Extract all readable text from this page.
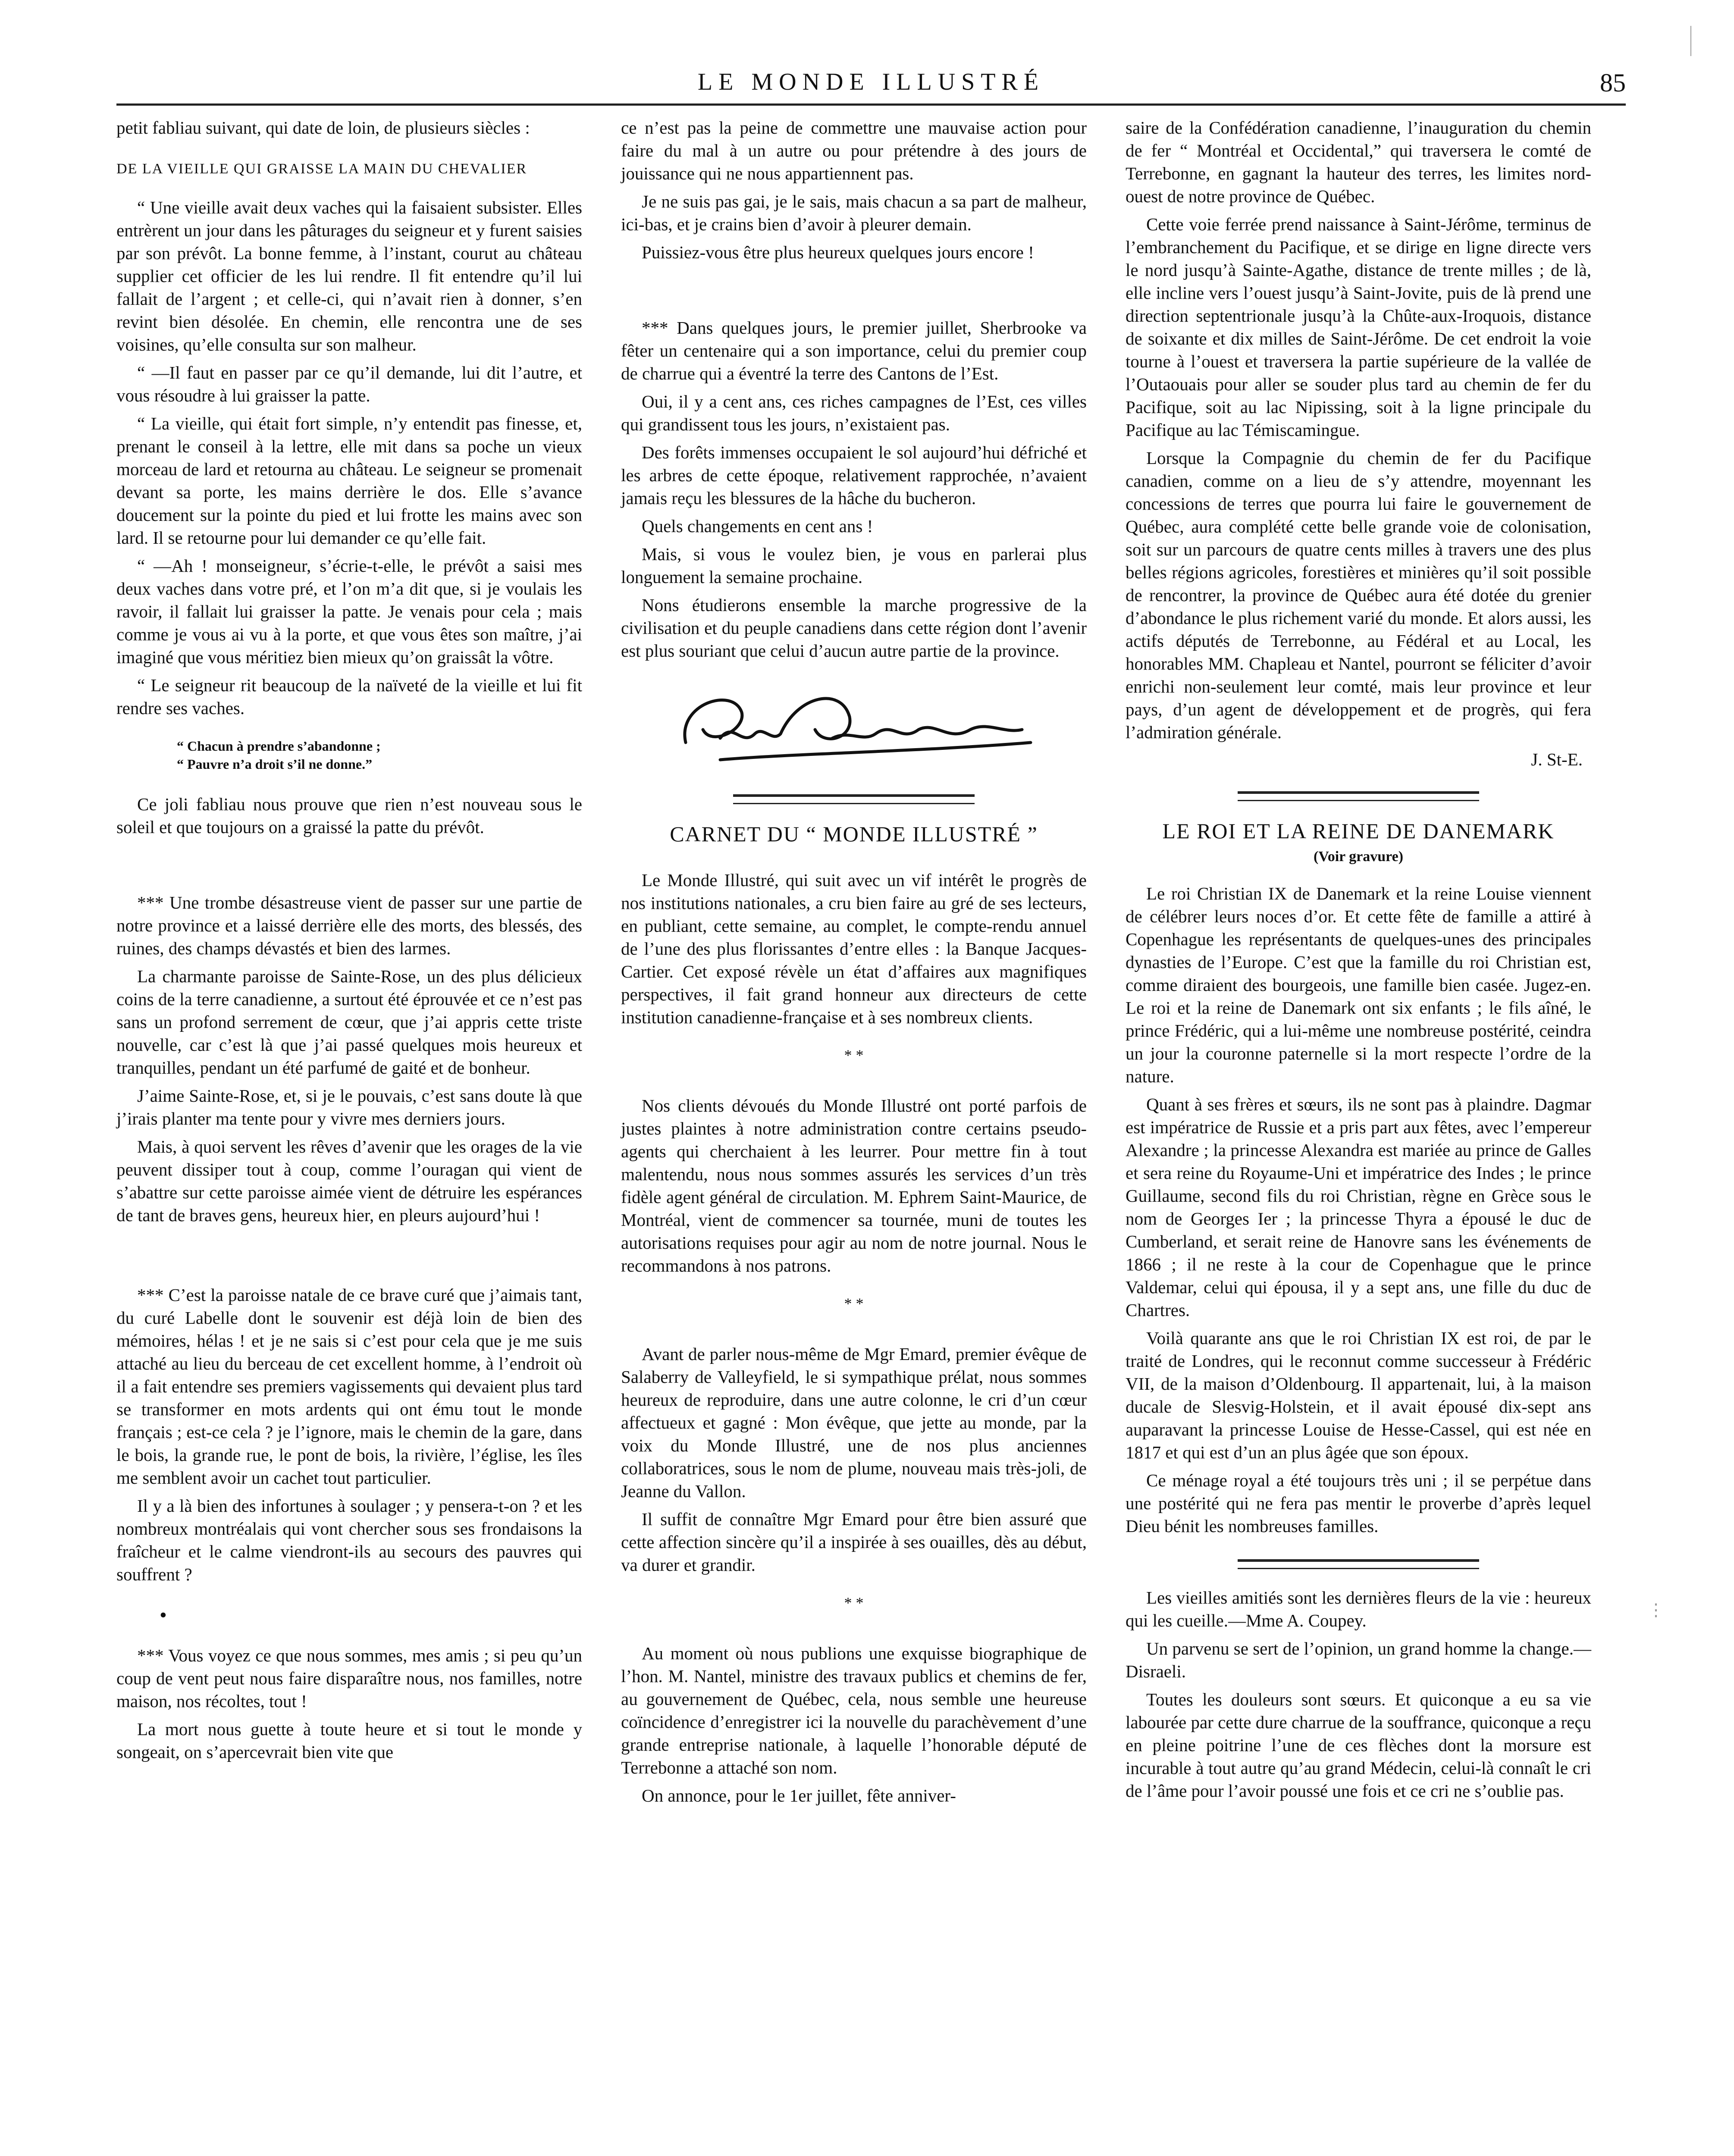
LE MONDE ILLUSTRÉ	85

petit fabliau suivant, qui date de loin, de plusieurs siècles :

DE LA VIEILLE QUI GRAISSE LA MAIN DU CHEVALIER

“ Une vieille avait deux vaches qui la faisaient subsister. Elles entrèrent un jour dans les pâturages du seigneur et y furent saisies par son prévôt. La bonne femme, à l’instant, courut au château supplier cet officier de les lui rendre. Il fit entendre qu’il lui fallait de l’argent ; et celle-ci, qui n’avait rien à donner, s’en revint bien désolée. En chemin, elle rencontra une de ses voisines, qu’elle consulta sur son malheur.

“ —Il faut en passer par ce qu’il demande, lui dit l’autre, et vous résoudre à lui graisser la patte.

“ La vieille, qui était fort simple, n’y entendit pas finesse, et, prenant le conseil à la lettre, elle mit dans sa poche un vieux morceau de lard et retourna au château. Le seigneur se promenait devant sa porte, les mains derrière le dos. Elle s’avance doucement sur la pointe du pied et lui frotte les mains avec son lard. Il se retourne pour lui demander ce qu’elle fait.

“ —Ah ! monseigneur, s’écrie-t-elle, le prévôt a saisi mes deux vaches dans votre pré, et l’on m’a dit que, si je voulais les ravoir, il fallait lui graisser la patte. Je venais pour cela ; mais comme je vous ai vu à la porte, et que vous êtes son maître, j’ai imaginé que vous méritiez bien mieux qu’on graissât la vôtre.

“ Le seigneur rit beaucoup de la naïveté de la vieille et lui fit rendre ses vaches.

“ Chacun à prendre s’abandonne ;
“ Pauvre n’a droit s’il ne donne.”

Ce joli fabliau nous prouve que rien n’est nouveau sous le soleil et que toujours on a graissé la patte du prévôt.

*** Une trombe désastreuse vient de passer sur une partie de notre province et a laissé derrière elle des morts, des blessés, des ruines, des champs dévastés et bien des larmes.

La charmante paroisse de Sainte-Rose, un des plus délicieux coins de la terre canadienne, a surtout été éprouvée et ce n’est pas sans un profond serrement de cœur, que j’ai appris cette triste nouvelle, car c’est là que j’ai passé quelques mois heureux et tranquilles, pendant un été parfumé de gaité et de bonheur.

J’aime Sainte-Rose, et, si je le pouvais, c’est sans doute là que j’irais planter ma tente pour y vivre mes derniers jours.

Mais, à quoi servent les rêves d’avenir que les orages de la vie peuvent dissiper tout à coup, comme l’ouragan qui vient de s’abattre sur cette paroisse aimée vient de détruire les espérances de tant de braves gens, heureux hier, en pleurs aujourd’hui !

*** C’est la paroisse natale de ce brave curé que j’aimais tant, du curé Labelle dont le souvenir est déjà loin de bien des mémoires, hélas ! et je ne sais si c’est pour cela que je me suis attaché au lieu du berceau de cet excellent homme, à l’endroit où il a fait entendre ses premiers vagissements qui devaient plus tard se transformer en mots ardents qui ont ému tout le monde français ; est-ce cela ? je l’ignore, mais le chemin de la gare, dans le bois, la grande rue, le pont de bois, la rivière, l’église, les îles me semblent avoir un cachet tout particulier.

Il y a là bien des infortunes à soulager ; y pensera-t-on ? et les nombreux montréalais qui vont chercher sous ses frondaisons la fraîcheur et le calme viendront-ils au secours des pauvres qui souffrent ?

•

*** Vous voyez ce que nous sommes, mes amis ; si peu qu’un coup de vent peut nous faire disparaître nous, nos familles, notre maison, nos récoltes, tout !

La mort nous guette à toute heure et si tout le monde y songeait, on s’apercevrait bien vite que

ce n’est pas la peine de commettre une mauvaise action pour faire du mal à un autre ou pour prétendre à des jours de jouissance qui ne nous appartiennent pas.

Je ne suis pas gai, je le sais, mais chacun a sa part de malheur, ici-bas, et je crains bien d’avoir à pleurer demain.

Puissiez-vous être plus heureux quelques jours encore !

*** Dans quelques jours, le premier juillet, Sherbrooke va fêter un centenaire qui a son importance, celui du premier coup de charrue qui a éventré la terre des Cantons de l’Est.

Oui, il y a cent ans, ces riches campagnes de l’Est, ces villes qui grandissent tous les jours, n’existaient pas.

Des forêts immenses occupaient le sol aujourd’hui défriché et les arbres de cette époque, relativement rapprochée, n’avaient jamais reçu les blessures de la hâche du bucheron.

Quels changements en cent ans !

Mais, si vous le voulez bien, je vous en parlerai plus longuement la semaine prochaine.

Nons étudierons ensemble la marche progressive de la civilisation et du peuple canadiens dans cette région dont l’avenir est plus souriant que celui d’aucun autre partie de la province.

CARNET DU “ MONDE ILLUSTRÉ ”

Le Monde Illustré, qui suit avec un vif intérêt le progrès de nos institutions nationales, a cru bien faire au gré de ses lecteurs, en publiant, cette semaine, au complet, le compte-rendu annuel de l’une des plus florissantes d’entre elles : la Banque Jacques-Cartier. Cet exposé révèle un état d’affaires aux magnifiques perspectives, il fait grand honneur aux directeurs de cette institution canadienne-française et à ses nombreux clients.

* *

Nos clients dévoués du Monde Illustré ont porté parfois de justes plaintes à notre administration contre certains pseudo-agents qui cherchaient à les leurrer. Pour mettre fin à tout malentendu, nous nous sommes assurés les services d’un très fidèle agent général de circulation. M. Ephrem Saint-Maurice, de Montréal, vient de commencer sa tournée, muni de toutes les autorisations requises pour agir au nom de notre journal. Nous le recommandons à nos patrons.

* *

Avant de parler nous-même de Mgr Emard, premier évêque de Salaberry de Valleyfield, le si sympathique prélat, nous sommes heureux de reproduire, dans une autre colonne, le cri d’un cœur affectueux et gagné : Mon évêque, que jette au monde, par la voix du Monde Illustré, une de nos plus anciennes collaboratrices, sous le nom de plume, nouveau mais très-joli, de Jeanne du Vallon.

Il suffit de connaître Mgr Emard pour être bien assuré que cette affection sincère qu’il a inspirée à ses ouailles, dès au début, va durer et grandir.

* *

Au moment où nous publions une exquisse biographique de l’hon. M. Nantel, ministre des travaux publics et chemins de fer, au gouvernement de Québec, cela, nous semble une heureuse coïncidence d’enregistrer ici la nouvelle du parachèvement d’une grande entreprise nationale, à laquelle l’honorable député de Terrebonne a attaché son nom.

On annonce, pour le 1er juillet, fête anniver-

saire de la Confédération canadienne, l’inauguration du chemin de fer “ Montréal et Occidental,” qui traversera le comté de Terrebonne, en gagnant la hauteur des terres, les limites nord-ouest de notre province de Québec.

Cette voie ferrée prend naissance à Saint-Jérôme, terminus de l’embranchement du Pacifique, et se dirige en ligne directe vers le nord jusqu’à Sainte-Agathe, distance de trente milles ; de là, elle incline vers l’ouest jusqu’à Saint-Jovite, puis de là prend une direction septentrionale jusqu’à la Chûte-aux-Iroquois, distance de soixante et dix milles de Saint-Jérôme. De cet endroit la voie tourne à l’ouest et traversera la partie supérieure de la vallée de l’Outaouais pour aller se souder plus tard au chemin de fer du Pacifique, soit au lac Nipissing, soit à la ligne principale du Pacifique au lac Témiscamingue.

Lorsque la Compagnie du chemin de fer du Pacifique canadien, comme on a lieu de s’y attendre, moyennant les concessions de terres que pourra lui faire le gouvernement de Québec, aura complété cette belle grande voie de colonisation, soit sur un parcours de quatre cents milles à travers une des plus belles régions agricoles, forestières et minières qu’il soit possible de rencontrer, la province de Québec aura été dotée du grenier d’abondance le plus richement varié du monde. Et alors aussi, les actifs députés de Terrebonne, au Fédéral et au Local, les honorables MM. Chapleau et Nantel, pourront se féliciter d’avoir enrichi non-seulement leur comté, mais leur province et leur pays, d’un agent de développement et de progrès, qui fera l’admiration générale.

J. St-E.
LE ROI ET LA REINE DE DANEMARK
(Voir gravure)

Le roi Christian IX de Danemark et la reine Louise viennent de célébrer leurs noces d’or. Et cette fête de famille a attiré à Copenhague les représentants de quelques-unes des principales dynasties de l’Europe. C’est que la famille du roi Christian est, comme diraient des bourgeois, une famille bien casée. Jugez-en. Le roi et la reine de Danemark ont six enfants ; le fils aîné, le prince Frédéric, qui a lui-même une nombreuse postérité, ceindra un jour la couronne paternelle si la mort respecte l’ordre de la nature.

Quant à ses frères et sœurs, ils ne sont pas à plaindre. Dagmar est impératrice de Russie et a pris part aux fêtes, avec l’empereur Alexandre ; la princesse Alexandra est mariée au prince de Galles et sera reine du Royaume-Uni et impératrice des Indes ; le prince Guillaume, second fils du roi Christian, règne en Grèce sous le nom de Georges Ier ; la princesse Thyra a épousé le duc de Cumberland, et serait reine de Hanovre sans les événements de 1866 ; il ne reste à la cour de Copenhague que le prince Valdemar, celui qui épousa, il y a sept ans, une fille du duc de Chartres.

Voilà quarante ans que le roi Christian IX est roi, de par le traité de Londres, qui le reconnut comme successeur à Frédéric VII, de la maison d’Oldenbourg. Il appartenait, lui, à la maison ducale de Slesvig-Holstein, et il avait épousé dix-sept ans auparavant la princesse Louise de Hesse-Cassel, qui est née en 1817 et qui est d’un an plus âgée que son époux.

Ce ménage royal a été toujours très uni ; il se perpétue dans une postérité qui ne fera pas mentir le proverbe d’après lequel Dieu bénit les nombreuses familles.

Les vieilles amitiés sont les dernières fleurs de la vie : heureux qui les cueille.—Mme A. Coupey.

Un parvenu se sert de l’opinion, un grand homme la change.—Disraeli.

Toutes les douleurs sont sœurs. Et quiconque a eu sa vie labourée par cette dure charrue de la souffrance, quiconque a reçu en pleine poitrine l’une de ces flèches dont la morsure est incurable à tout autre qu’au grand Médecin, celui-là connaît le cri de l’âme pour l’avoir poussé une fois et ce cri ne s’oublie pas.

⋮
